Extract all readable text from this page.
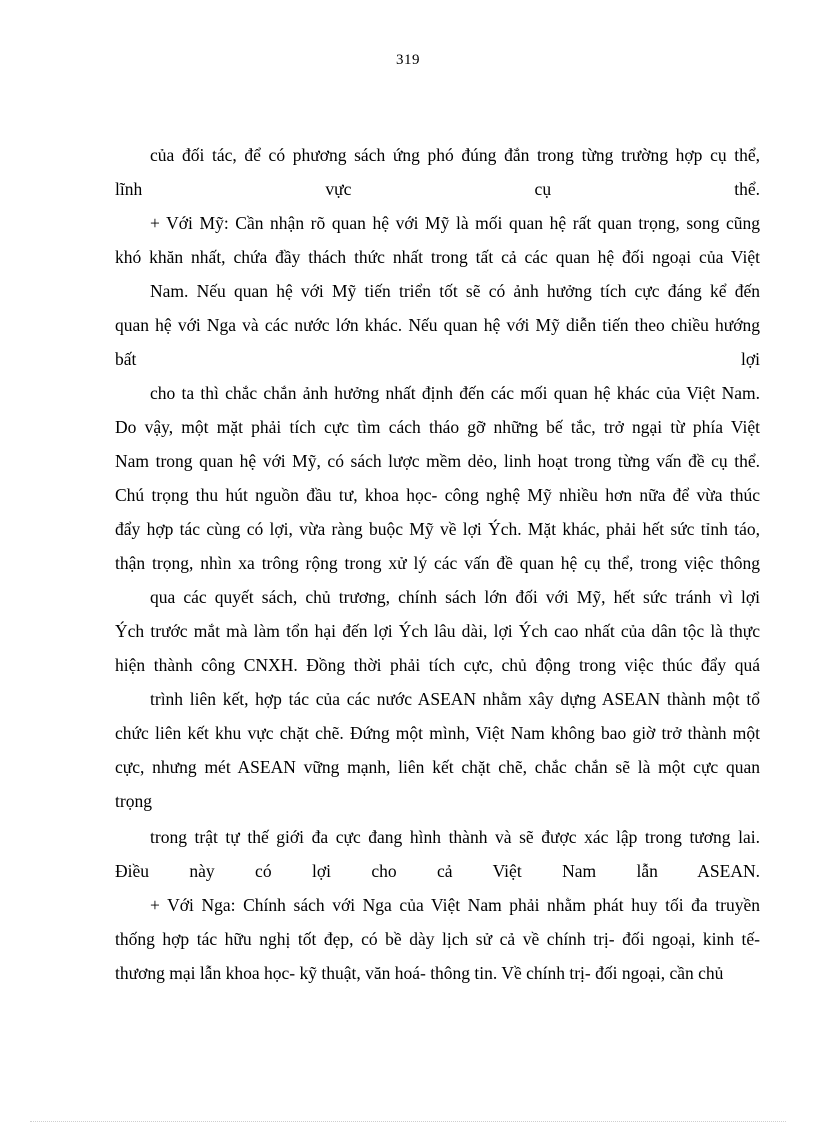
319
của đối tác, để có phương sách ứng phó đúng đắn trong từng trường hợp cụ thể,
lĩnh vực cụ thể.
+ Với Mỹ: Cần nhận rõ quan hệ với Mỹ là mối quan hệ rất quan trọng, song cũng
khó khăn nhất, chứa đầy thách thức nhất trong tất cả các quan hệ đối ngoại của Việt
Nam. Nếu quan hệ với Mỹ tiến triển tốt sẽ có ảnh hưởng tích cực đáng kể đến
quan hệ với Nga và các nước lớn khác. Nếu quan hệ với Mỹ diễn tiến theo chiều hướng
bất lợi
cho ta thì chắc chắn ảnh hưởng nhất định đến các mối quan hệ khác của Việt Nam.
Do vậy, một mặt phải tích cực tìm cách tháo gỡ những bế tắc, trở ngại từ phía Việt
Nam trong quan hệ với Mỹ, có sách lược mềm dẻo, linh hoạt trong từng vấn đề cụ thể.
Chú trọng thu hút nguồn đầu tư, khoa học- công nghệ Mỹ nhiều hơn nữa để vừa thúc
đẩy hợp tác cùng có lợi, vừa ràng buộc Mỹ về lợi Ých. Mặt khác, phải hết sức tỉnh táo,
thận trọng, nhìn xa trông rộng trong xử lý các vấn đề quan hệ cụ thể, trong việc thông
qua các quyết sách, chủ trương, chính sách lớn đối với Mỹ, hết sức tránh vì lợi
Ých trước mắt mà làm tổn hại đến lợi Ých lâu dài, lợi Ých cao nhất của dân tộc là thực
hiện thành công CNXH. Đồng thời phải tích cực, chủ động trong việc thúc đẩy quá
trình liên kết, hợp tác của các nước ASEAN nhằm xây dựng ASEAN thành một tổ
chức liên kết khu vực chặt chẽ. Đứng một mình, Việt Nam không bao giờ trở thành một
cực, nhưng mét ASEAN vững mạnh, liên kết chặt chẽ, chắc chắn sẽ là một cực quan
trọng
trong trật tự thế giới đa cực đang hình thành và sẽ được xác lập trong tương lai.
Điều này có lợi cho cả Việt Nam lẫn ASEAN.
+ Với Nga: Chính sách với Nga của Việt Nam phải nhằm phát huy tối đa truyền
thống hợp tác hữu nghị tốt đẹp, có bề dày lịch sử cả về chính trị- đối ngoại, kinh tế-
thương mại lẫn khoa học- kỹ thuật, văn hoá- thông tin. Về chính trị- đối ngoại, cần chủ
